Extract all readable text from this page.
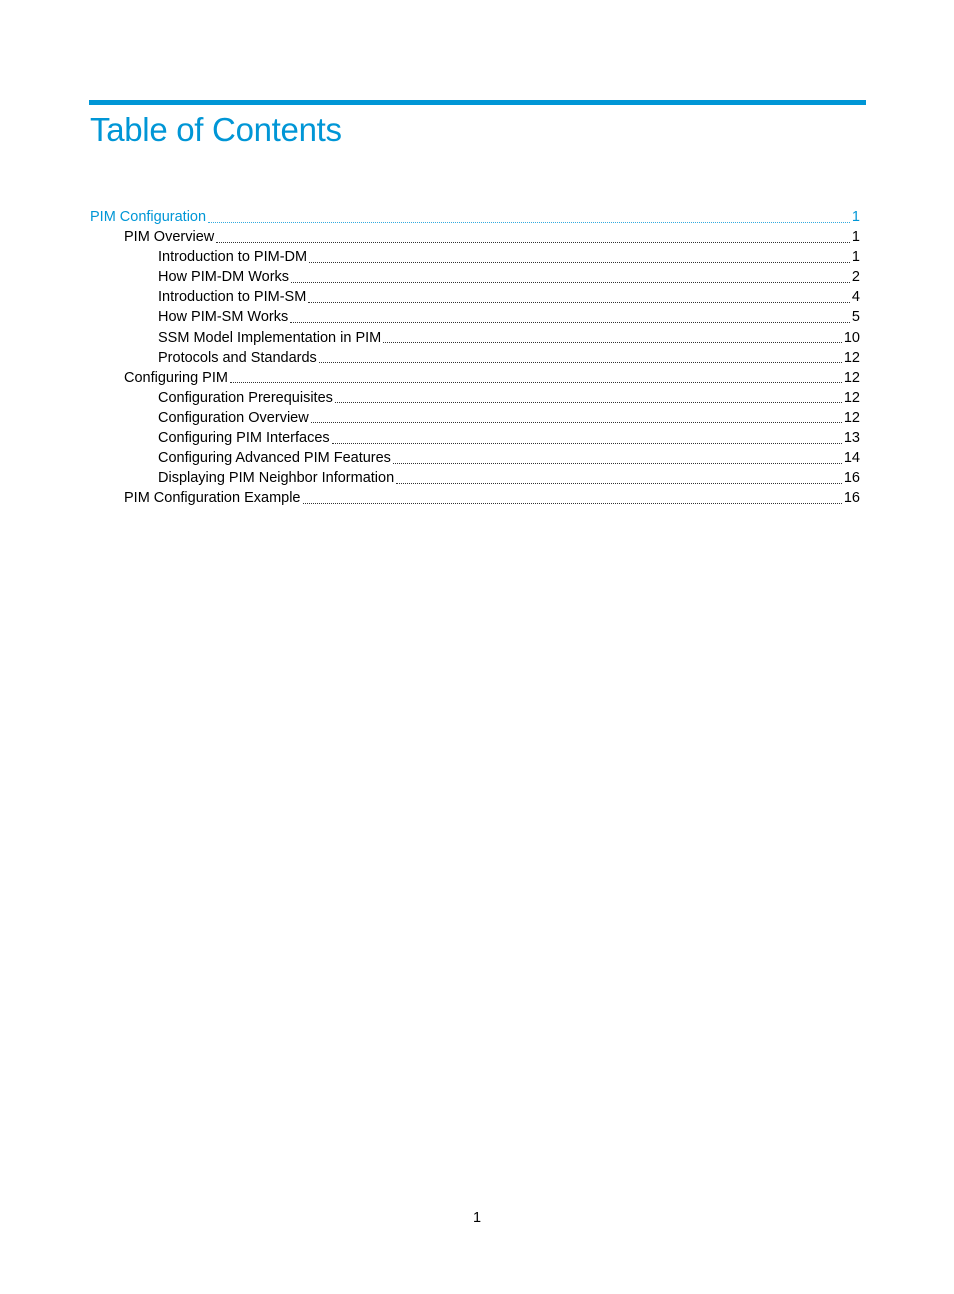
Table of Contents
PIM Configuration	1
PIM Overview	1
Introduction to PIM-DM	1
How PIM-DM Works	2
Introduction to PIM-SM	4
How PIM-SM Works	5
SSM Model Implementation in PIM	10
Protocols and Standards	12
Configuring PIM	12
Configuration Prerequisites	12
Configuration Overview	12
Configuring PIM Interfaces	13
Configuring Advanced PIM Features	14
Displaying PIM Neighbor Information	16
PIM Configuration Example	16
1
